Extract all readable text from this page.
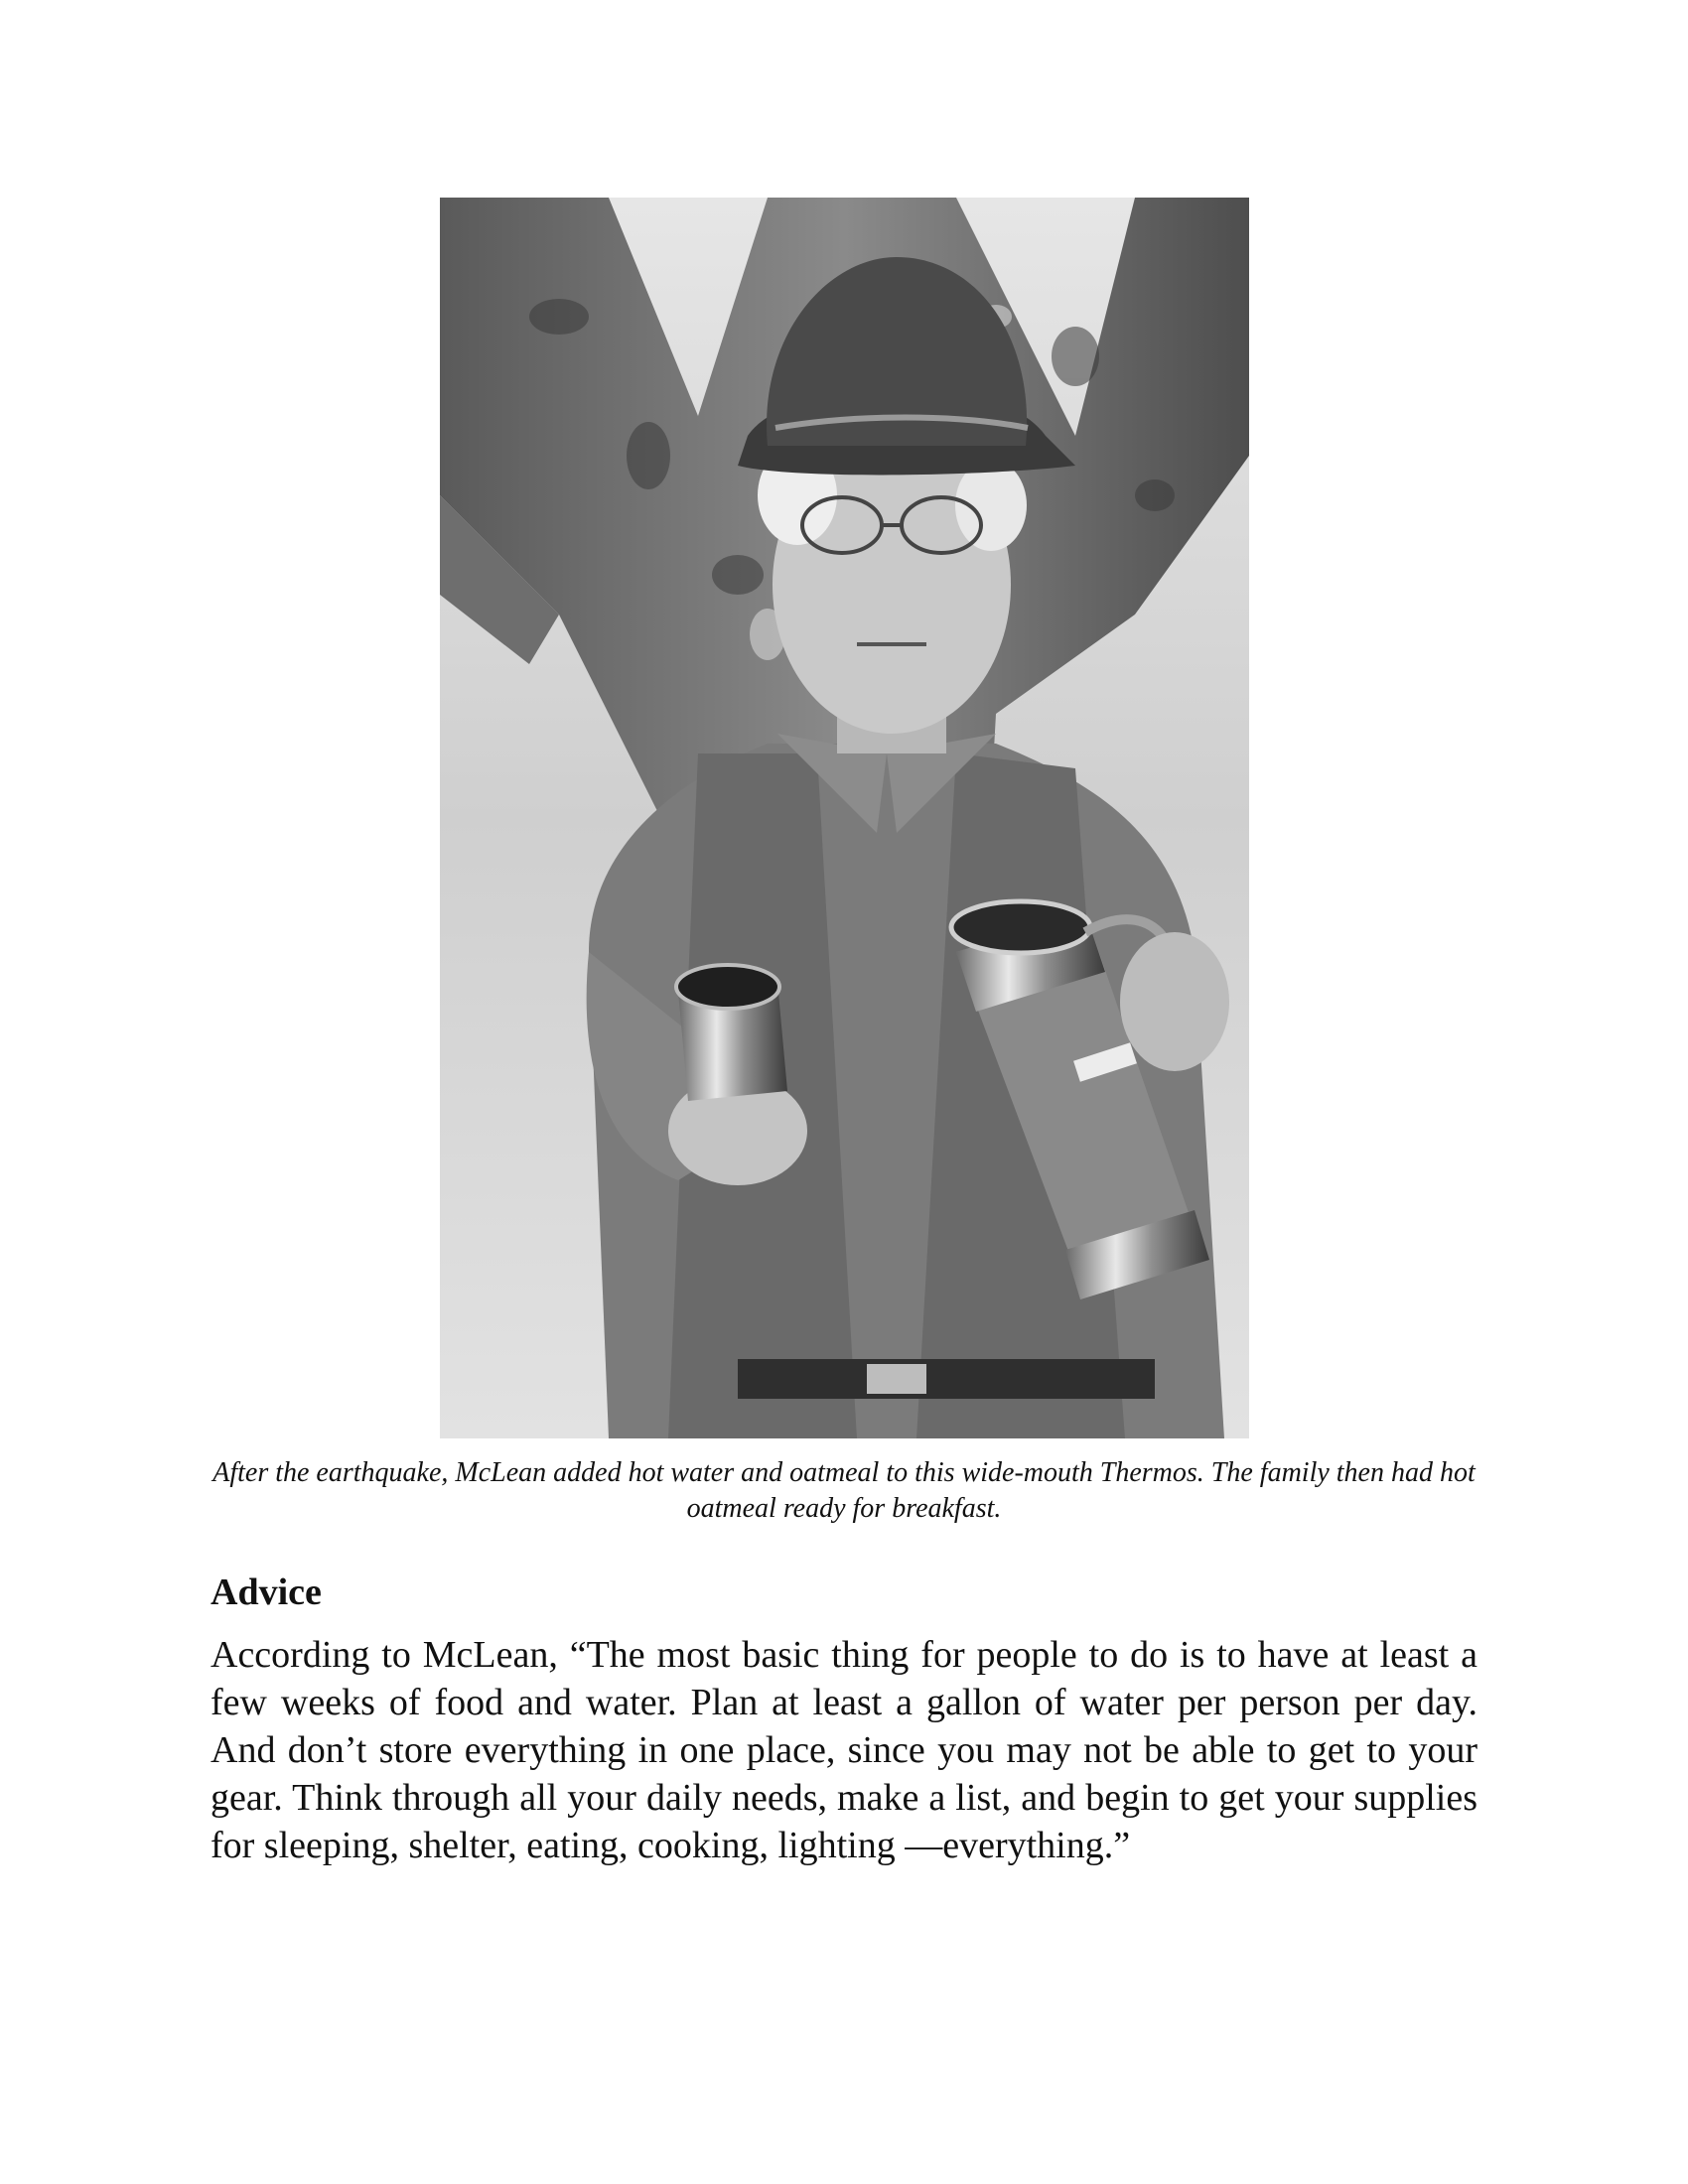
After the earthquake, McLean added hot water and oatmeal to this wide-mouth Thermos. The family then had hot oatmeal ready for breakfast.
Advice

According to McLean, “The most basic thing for people to do is to have at least a few weeks of food and water. Plan at least a gallon of water per person per day. And don’t store everything in one place, since you may not be able to get to your gear. Think through all your daily needs, make a list, and begin to get your supplies for sleeping, shelter, eating, cooking, lighting —everything.”
